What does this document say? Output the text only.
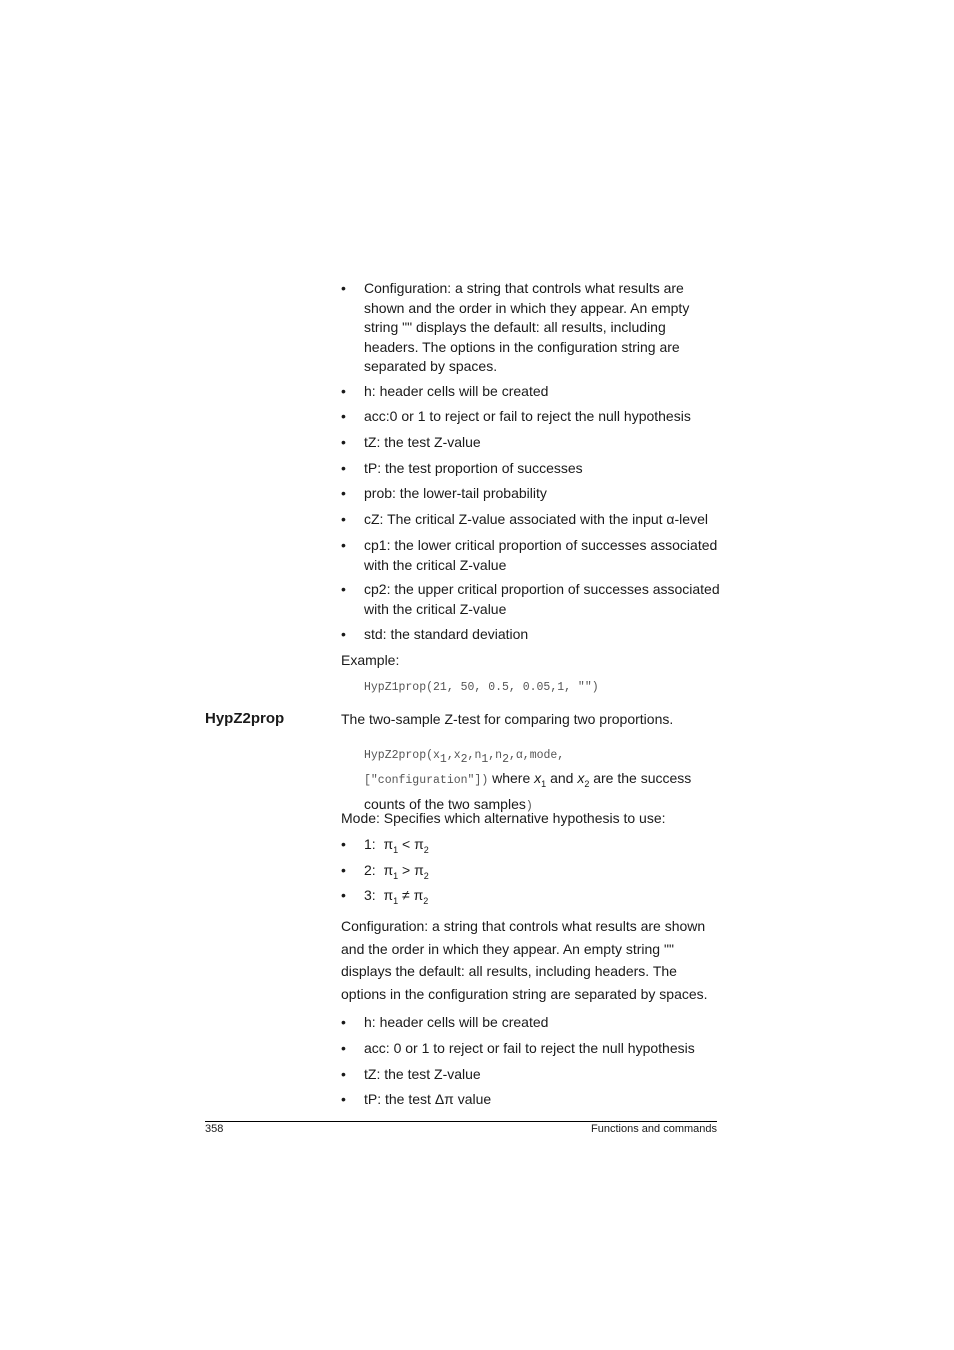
• Configuration: a string that controls what results are shown and the order in which they appear. An empty string "" displays the default: all results, including headers. The options in the configuration string are separated by spaces.
• h: header cells will be created
• acc:0 or 1 to reject or fail to reject the null hypothesis
• tZ: the test Z-value
• tP: the test proportion of successes
• prob: the lower-tail probability
• cZ: The critical Z-value associated with the input α-level
• cp1: the lower critical proportion of successes associated with the critical Z-value
• cp2: the upper critical proportion of successes associated with the critical Z-value
• std: the standard deviation
Example:
HypZ1prop(21, 50, 0.5, 0.05,1, "")
HypZ2prop	The two-sample Z-test for comparing two proportions.
$HypZ2prop(x_1,x_2,n_1,n_2,\alpha,mode$,
["configuration"]) where $x_1$ and $x_2$ are the success
counts of the two samples)
Mode: Specifies which alternative hypothesis to use:
• 1: $\pi_1 < \pi_2$
• 2: $\pi_1 > \pi_2$
• 3: $\pi_1 \ne \pi_2$
Configuration: a string that controls what results are shown and the order in which they appear. An empty string "" displays the default: all results, including headers. The options in the configuration string are separated by spaces.
• h: header cells will be created
• acc: 0 or 1 to reject or fail to reject the null hypothesis
• tZ: the test Z-value
• tP: the test Δπ value
358	Functions and commands
